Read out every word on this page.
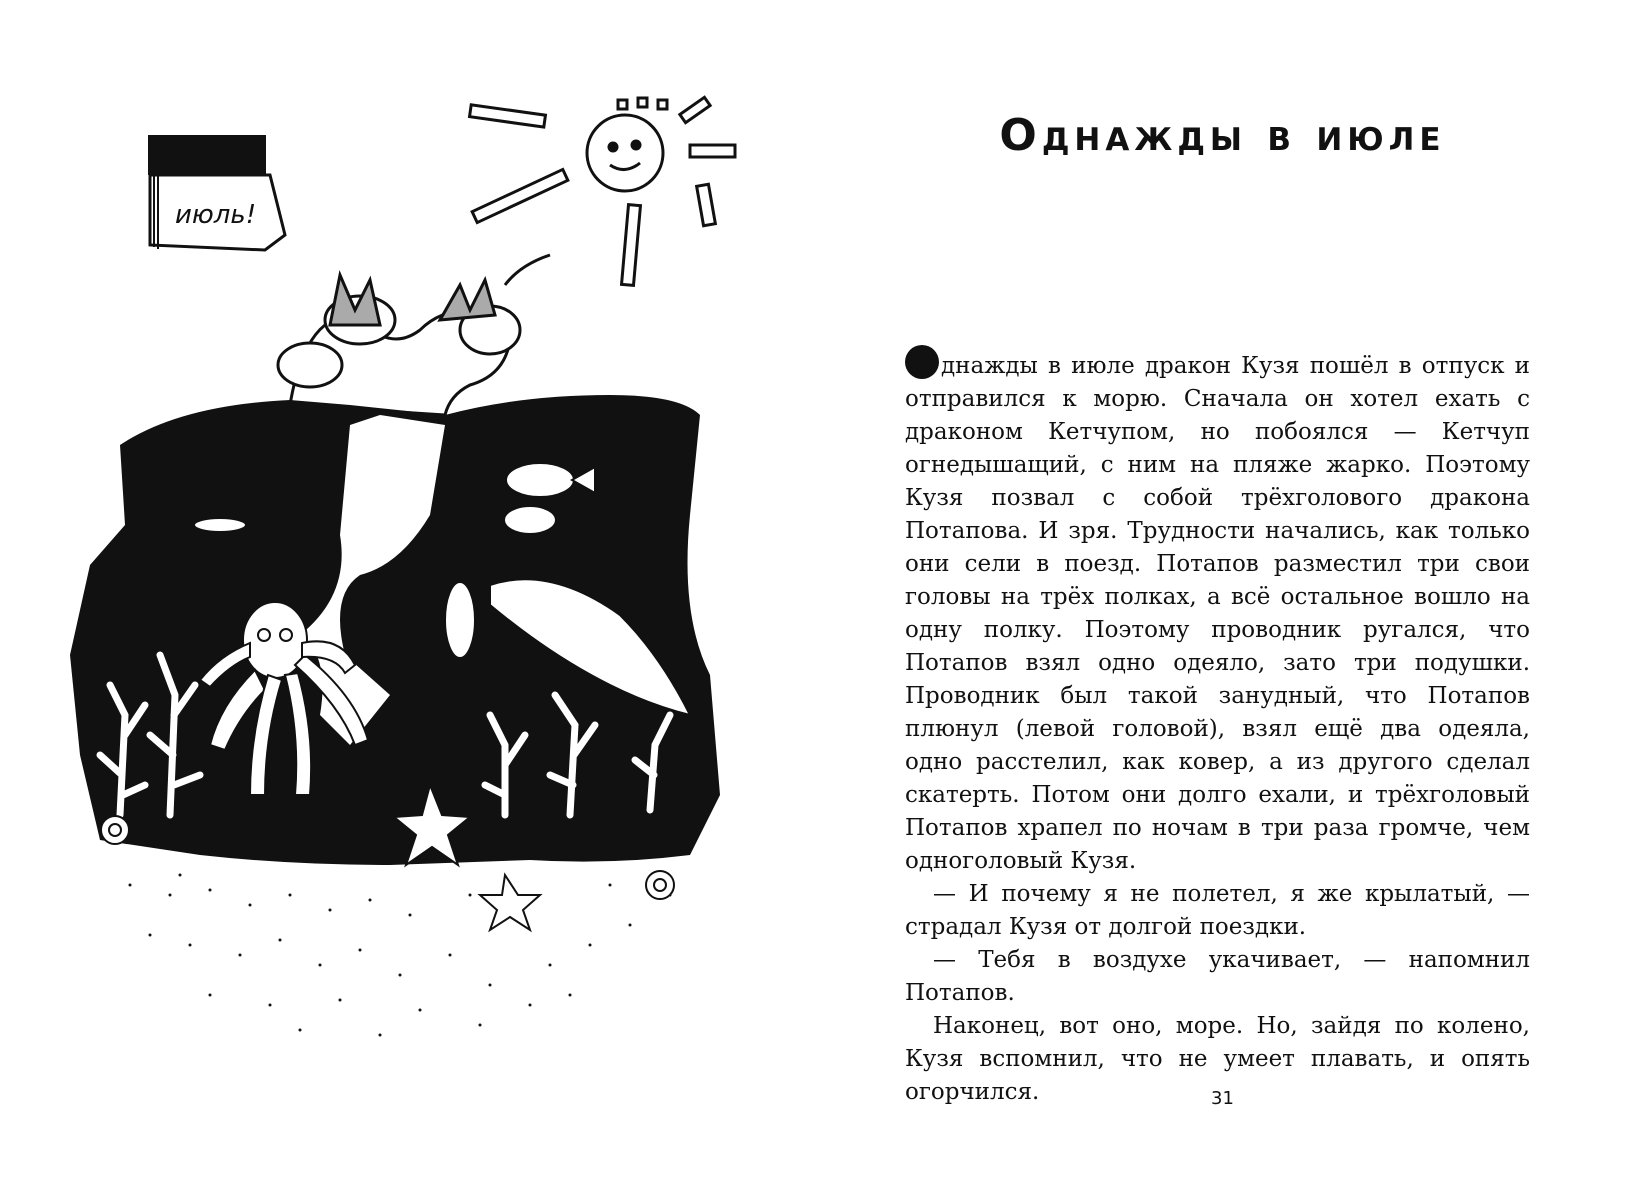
июль!
Однажды в июле

О днажды в июле дракон Кузя пошёл в отпуск и отправился к морю. Сначала он хотел ехать с драконом Кетчупом, но побоялся — Кетчуп огнедышащий, с ним на пляже жарко. Поэтому Кузя позвал с собой трёхголового дракона Потапова. И зря. Трудности начались, как только они сели в поезд. Потапов разместил три свои головы на трёх полках, а всё остальное вошло на одну полку. Поэтому проводник ругался, что Потапов взял одно одеяло, зато три подушки. Проводник был такой занудный, что Потапов плюнул (левой головой), взял ещё два одеяла, одно расстелил, как ковер, а из другого сделал скатерть. Потом они долго ехали, и трёхголовый Потапов храпел по ночам в три раза громче, чем одноголовый Кузя.

— И почему я не полетел, я же крылатый, — страдал Кузя от долгой поездки.

— Тебя в воздухе укачивает, — напомнил Потапов.

Наконец, вот оно, море. Но, зайдя по колено, Кузя вспомнил, что не умеет плавать, и опять огорчился.	31
